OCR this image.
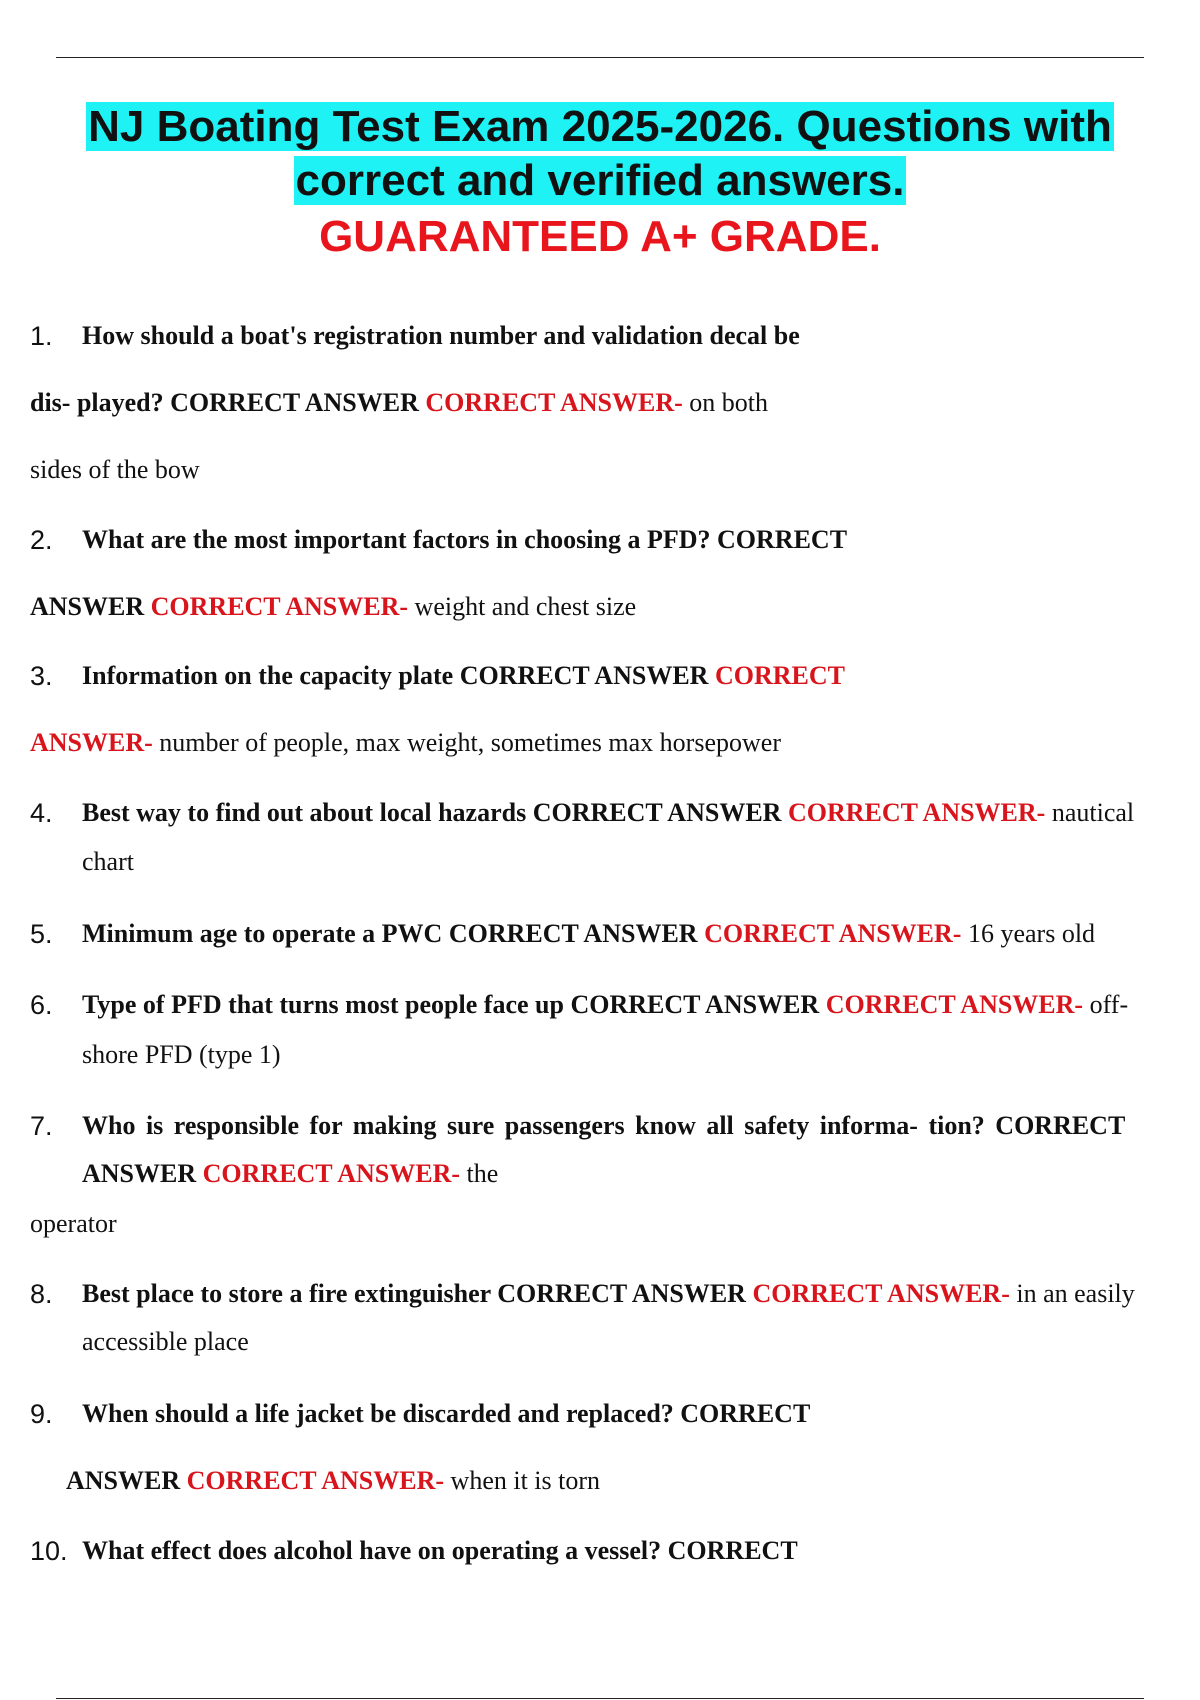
NJ Boating Test Exam 2025-2026. Questions with
correct and verified answers.
GUARANTEED A+ GRADE.
1. How should a boat's registration number and validation decal be
dis- played? CORRECT ANSWER CORRECT ANSWER- on both
sides of the bow
2. What are the most important factors in choosing a PFD? CORRECT
ANSWER CORRECT ANSWER- weight and chest size
3. Information on the capacity plate CORRECT ANSWER CORRECT
ANSWER- number of people, max weight, sometimes max horsepower
4. Best way to find out about local hazards CORRECT ANSWER CORRECT ANSWER- nautical
chart
5. Minimum age to operate a PWC CORRECT ANSWER CORRECT ANSWER- 16 years old
6. Type of PFD that turns most people face up CORRECT ANSWER CORRECT ANSWER- off-
shore PFD (type 1)
7. Who is responsible for making sure passengers know all safety informa- tion? CORRECT
ANSWER CORRECT ANSWER- the
operator
8. Best place to store a fire extinguisher CORRECT ANSWER CORRECT ANSWER- in an easily
accessible place
9. When should a life jacket be discarded and replaced? CORRECT
ANSWER CORRECT ANSWER- when it is torn
10. What effect does alcohol have on operating a vessel? CORRECT
